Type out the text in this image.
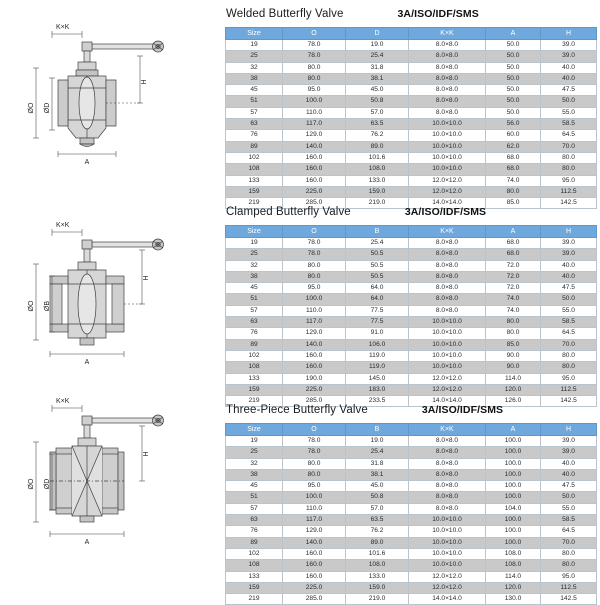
K×K
ØO ØD
A
H
Welded Butterfly Valve	3A/ISO/IDF/SMS
Size	O	D	K×K	A	H
19	78.0	19.0	8.0×8.0	50.0	39.0
25	78.0	25.4	8.0×8.0	50.0	39.0
32	80.0	31.8	8.0×8.0	50.0	40.0
38	80.0	38.1	8.0×8.0	50.0	40.0
45	95.0	45.0	8.0×8.0	50.0	47.5
51	100.0	50.8	8.0×8.0	50.0	50.0
57	110.0	57.0	8.0×8.0	50.0	55.0
63	117.0	63.5	10.0×10.0	56.0	58.5
76	129.0	76.2	10.0×10.0	60.0	64.5
89	140.0	89.0	10.0×10.0	62.0	70.0
102	160.0	101.6	10.0×10.0	68.0	80.0
108	160.0	108.0	10.0×10.0	68.0	80.0
133	160.0	133.0	12.0×12.0	74.0	95.0
159	225.0	159.0	12.0×12.0	80.0	112.5
219	285.0	219.0	14.0×14.0	85.0	142.5
K×K
ØO ØB
A
H
Clamped Butterfly Valve	3A/ISO/IDF/SMS
Size	O	B	K×K	A	H
19	78.0	25.4	8.0×8.0	68.0	39.0
25	78.0	50.5	8.0×8.0	68.0	39.0
32	80.0	50.5	8.0×8.0	72.0	40.0
38	80.0	50.5	8.0×8.0	72.0	40.0
45	95.0	64.0	8.0×8.0	72.0	47.5
51	100.0	64.0	8.0×8.0	74.0	50.0
57	110.0	77.5	8.0×8.0	74.0	55.0
63	117.0	77.5	10.0×10.0	80.0	58.5
76	129.0	91.0	10.0×10.0	80.0	64.5
89	140.0	106.0	10.0×10.0	85.0	70.0
102	160.0	119.0	10.0×10.0	90.0	80.0
108	160.0	119.0	10.0×10.0	90.0	80.0
133	190.0	145.0	12.0×12.0	114.0	95.0
159	225.0	183.0	12.0×12.0	120.0	112.5
219	285.0	233.5	14.0×14.0	126.0	142.5
K×K
ØO ØD
A
H
Three-Piece Butterfly Valve	3A/ISO/IDF/SMS
Size	O	B	K×K	A	H
19	78.0	19.0	8.0×8.0	100.0	39.0
25	78.0	25.4	8.0×8.0	100.0	39.0
32	80.0	31.8	8.0×8.0	100.0	40.0
38	80.0	38.1	8.0×8.0	100.0	40.0
45	95.0	45.0	8.0×8.0	100.0	47.5
51	100.0	50.8	8.0×8.0	100.0	50.0
57	110.0	57.0	8.0×8.0	104.0	55.0
63	117.0	63.5	10.0×10.0	100.0	58.5
76	129.0	76.2	10.0×10.0	100.0	64.5
89	140.0	89.0	10.0×10.0	100.0	70.0
102	160.0	101.6	10.0×10.0	108.0	80.0
108	160.0	108.0	10.0×10.0	108.0	80.0
133	160.0	133.0	12.0×12.0	114.0	95.0
159	225.0	159.0	12.0×12.0	120.0	112.5
219	285.0	219.0	14.0×14.0	130.0	142.5
